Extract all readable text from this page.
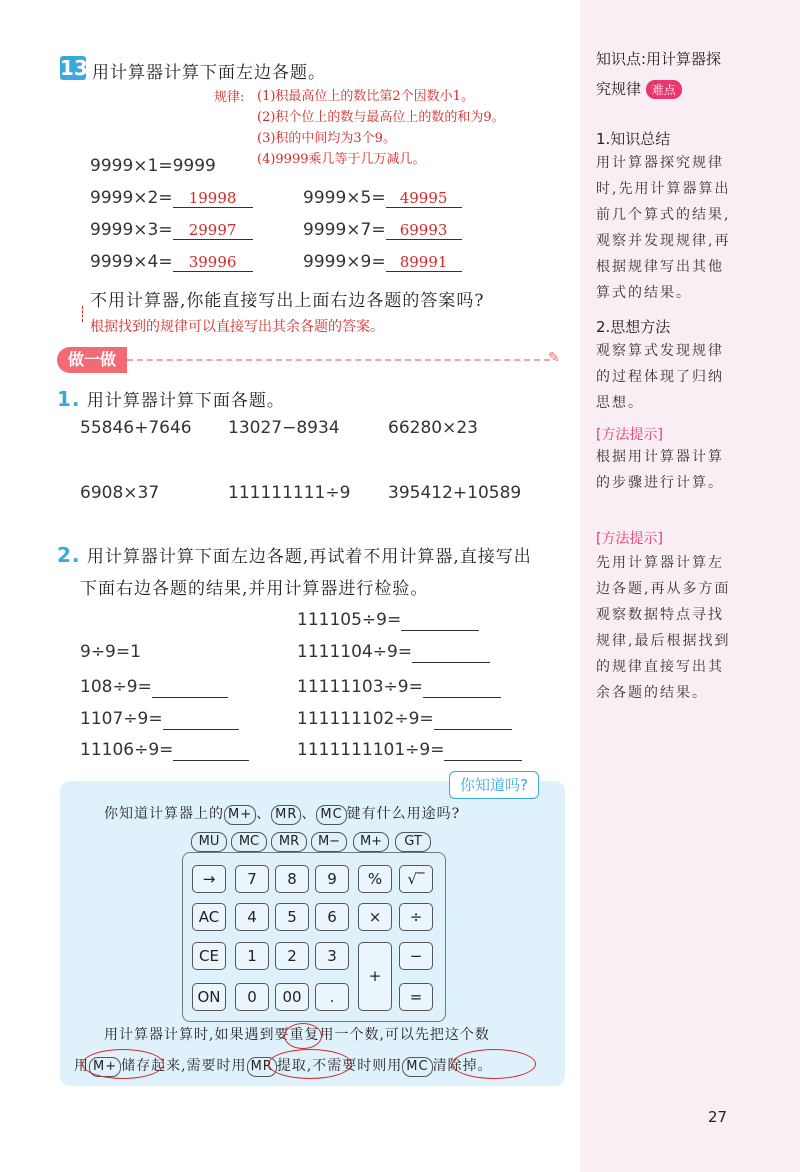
知识点:用计算器探
究规律 难点
1.知识总结
用计算器探究规律
时,先用计算器算出
前几个算式的结果,
观察并发现规律,再
根据规律写出其他
算式的结果。
2.思想方法
观察算式发现规律
的过程体现了归纳
思想。
[方法提示]
根据用计算器计算
的步骤进行计算。
[方法提示]
先用计算器计算左
边各题,再从多方面
观察数据特点寻找
规律,最后根据找到
的规律直接写出其
余各题的结果。
27
13 用计算器计算下面左边各题。
规律: (1)积最高位上的数比第2个因数小1。
(2)积个位上的数与最高位上的数的和为9。
(3)积的中间均为3个9。
(4)9999乘几等于几万减几。
9999×1=9999
9999×2= 19998
9999×3= 29997
9999×4= 39996
9999×5= 49995
9999×7= 69993
9999×9= 89991
不用计算器,你能直接写出上面右边各题的答案吗?
根据找到的规律可以直接写出其余各题的答案。
做一做	✎
1. 用计算器计算下面各题。
55846+7646 13027−8934	66280×23
6908×37	111111111÷9 395412+10589
2. 用计算器计算下面左边各题,再试着不用计算器,直接写出
下面右边各题的结果,并用计算器进行检验。
9÷9=1
108÷9=
1107÷9=
11106÷9=
111105÷9=
1111104÷9=
11111103÷9=
111111102÷9=
1111111101÷9=
你知道吗?
你知道计算器上的 M+ 、 MR 、 MC 键有什么用途吗?
MU	MC	MR	M−	M+	GT
→	7	8	9	%	√‾
AC	4	5	6	×	÷
CE	1	2	3	−
ON	0	00	.	=
+
用计算器计算时,如果遇到要重复
用一个数,可以先把这个数
用 M+ 储存起来,需要时用 MR 提取,不需要时则用 MC 清除掉。
